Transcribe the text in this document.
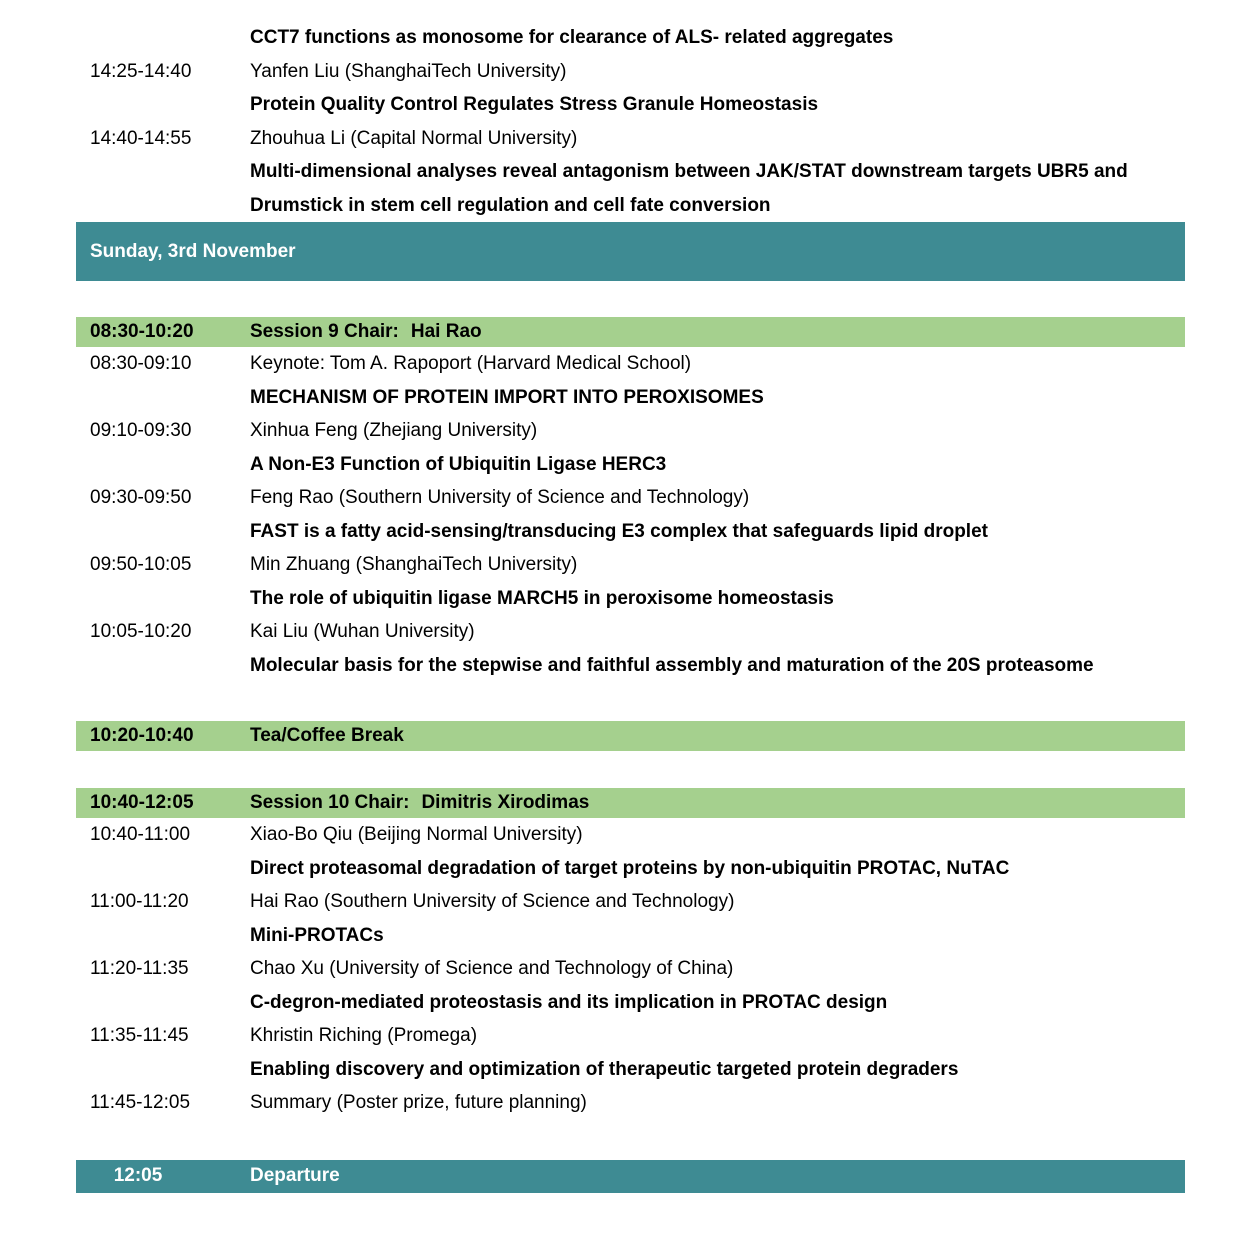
CCT7 functions as monosome for clearance of ALS- related aggregates
14:25-14:40	Yanfen Liu (ShanghaiTech University)
Protein Quality Control Regulates Stress Granule Homeostasis
14:40-14:55	Zhouhua Li (Capital Normal University)
Multi-dimensional analyses reveal antagonism between JAK/STAT downstream targets UBR5 and Drumstick in stem cell regulation and cell fate conversion
Sunday, 3rd November
08:30-10:20	Session 9 Chair: Hai Rao
08:30-09:10	Keynote: Tom A. Rapoport (Harvard Medical School)
MECHANISM OF PROTEIN IMPORT INTO PEROXISOMES
09:10-09:30	Xinhua Feng (Zhejiang University)
A Non-E3 Function of Ubiquitin Ligase HERC3
09:30-09:50	Feng Rao (Southern University of Science and Technology)
FAST is a fatty acid-sensing/transducing E3 complex that safeguards lipid droplet
09:50-10:05	Min Zhuang (ShanghaiTech University)
The role of ubiquitin ligase MARCH5 in peroxisome homeostasis
10:05-10:20	Kai Liu (Wuhan University)
Molecular basis for the stepwise and faithful assembly and maturation of the 20S proteasome
10:20-10:40	Tea/Coffee Break
10:40-12:05	Session 10 Chair: Dimitris Xirodimas
10:40-11:00	Xiao-Bo Qiu (Beijing Normal University)
Direct proteasomal degradation of target proteins by non-ubiquitin PROTAC, NuTAC
11:00-11:20	Hai Rao (Southern University of Science and Technology)
Mini-PROTACs
11:20-11:35	Chao Xu (University of Science and Technology of China)
C-degron-mediated proteostasis and its implication in PROTAC design
11:35-11:45	Khristin Riching (Promega)
Enabling discovery and optimization of therapeutic targeted protein degraders
11:45-12:05	Summary (Poster prize, future planning)
12:05	Departure
